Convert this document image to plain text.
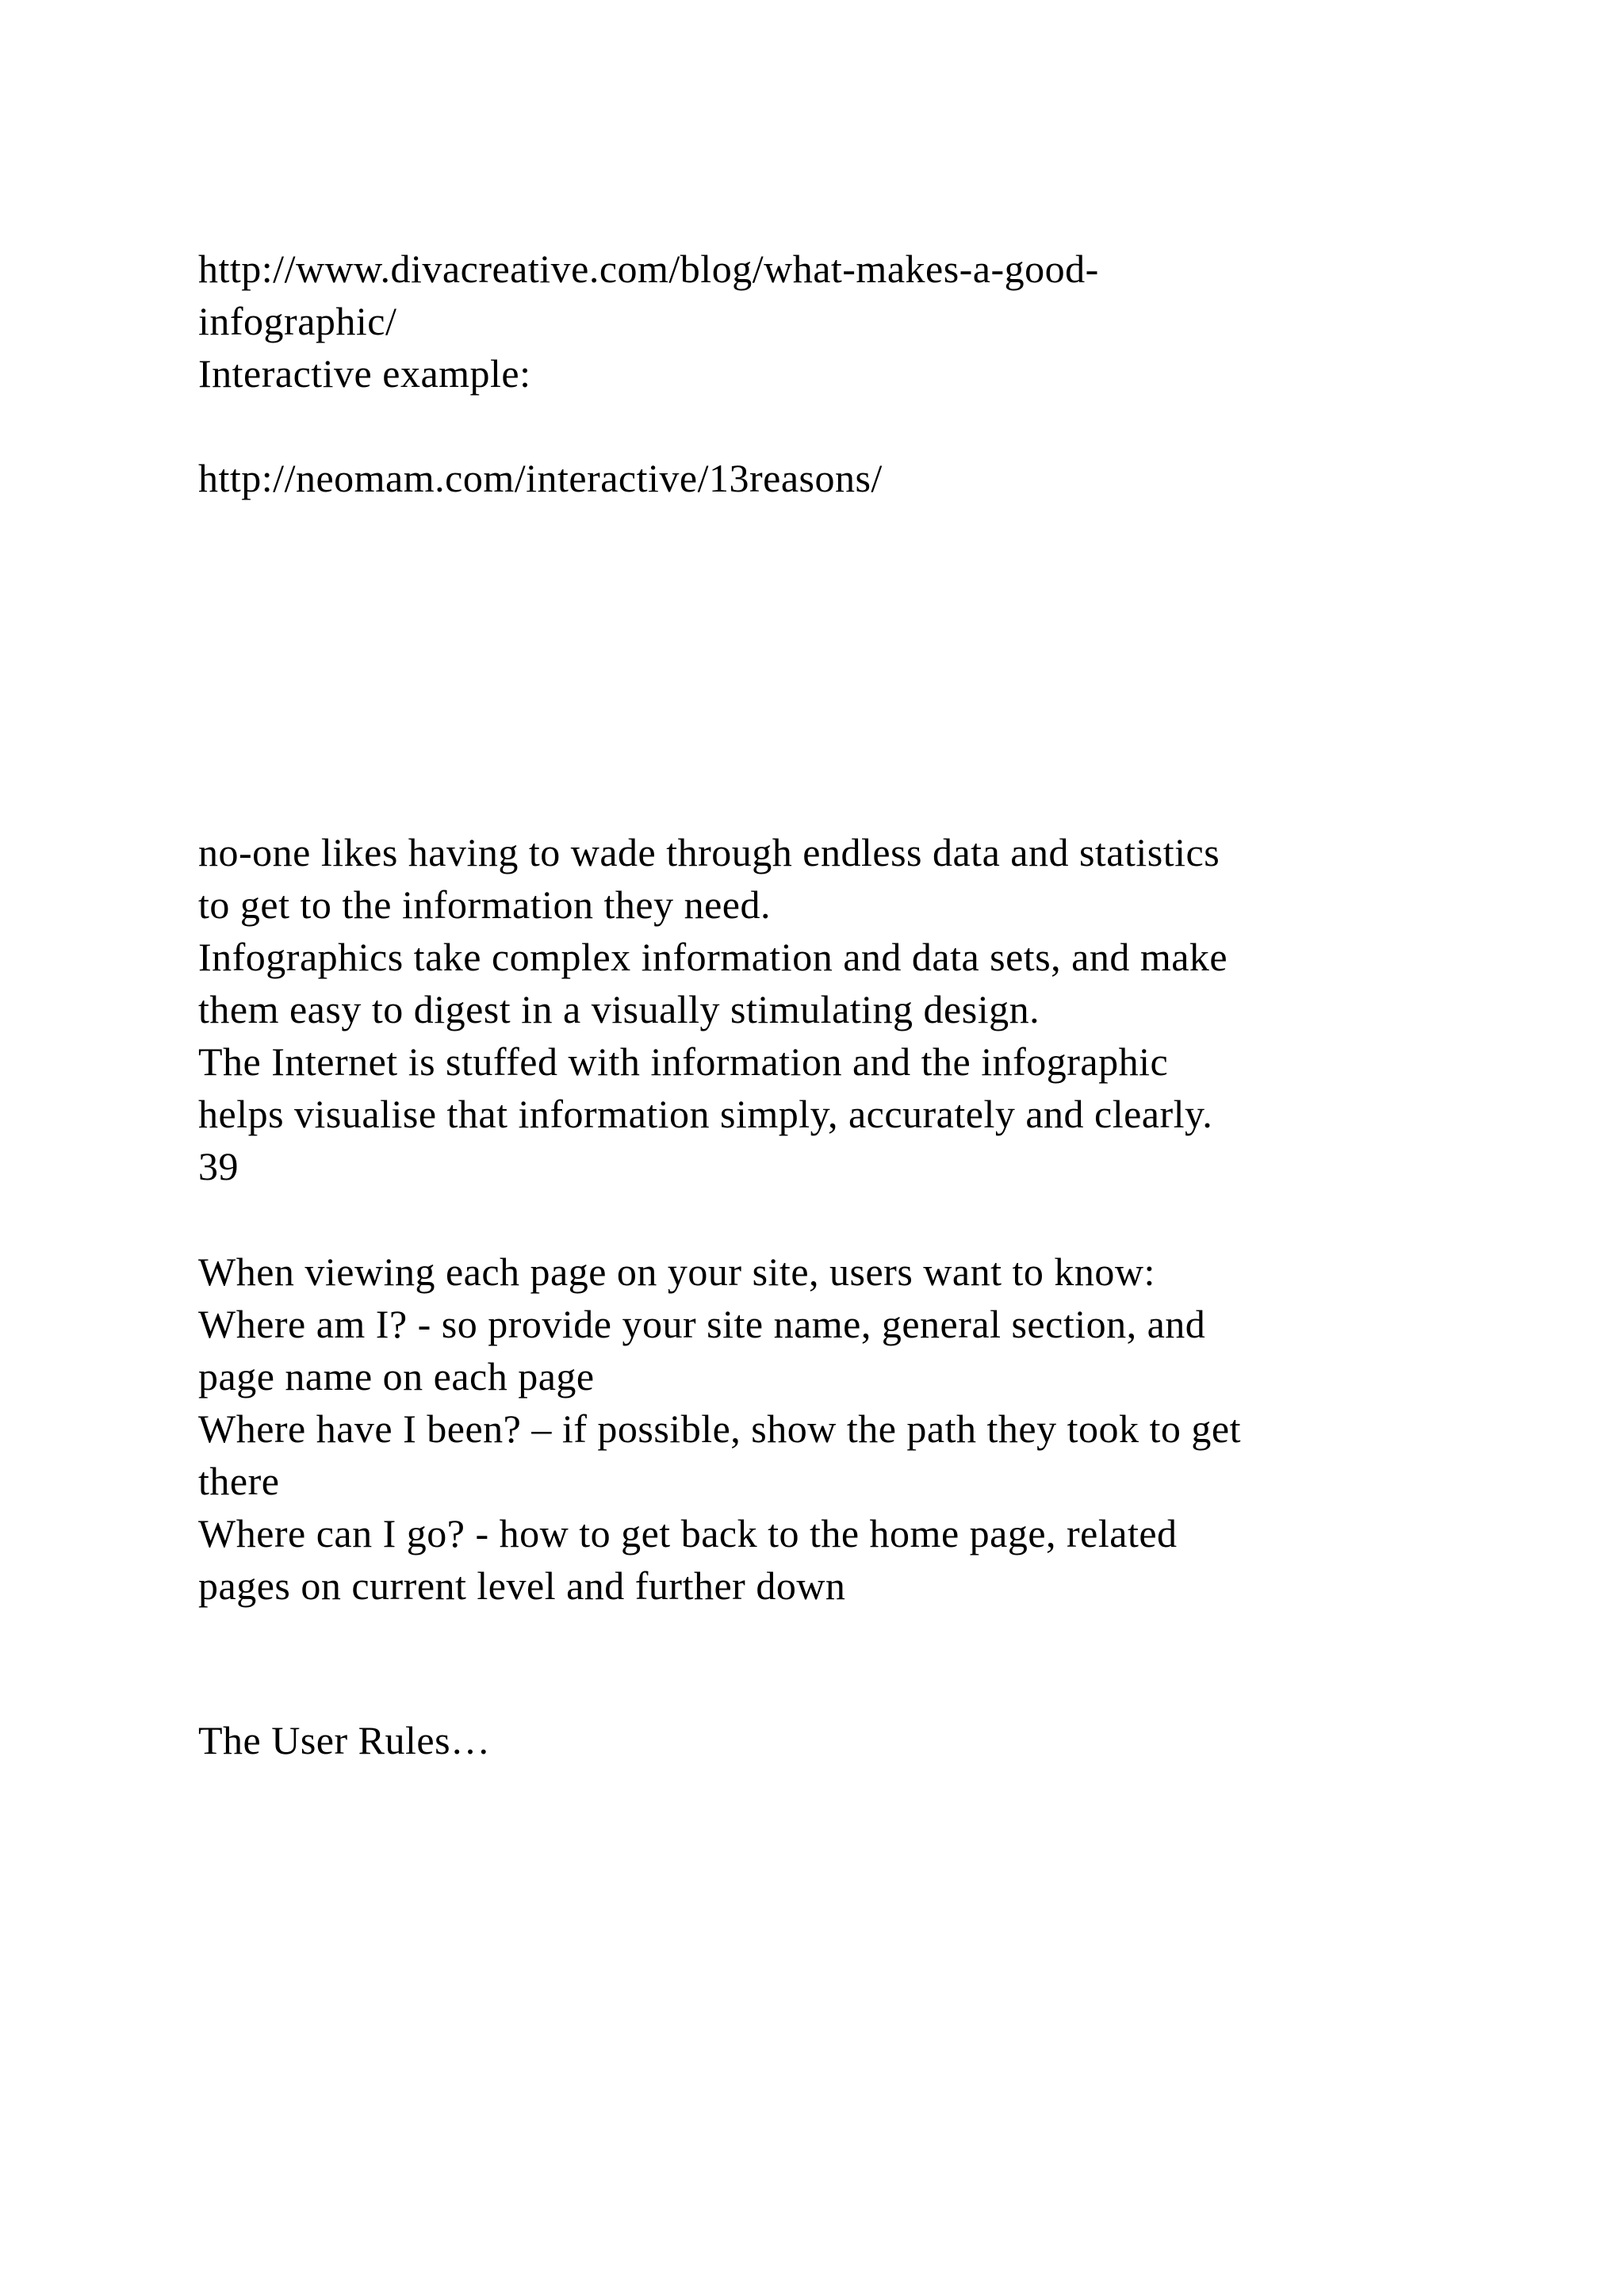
http://www.divacreative.com/blog/what-makes-a-good-
infographic/
Interactive example:
http://neomam.com/interactive/13reasons/
no-one likes having to wade through endless data and statistics
to get to the information they need.
Infographics take complex information and data sets, and make
them easy to digest in a visually stimulating design.
The Internet is stuffed with information and the infographic
helps visualise that information simply, accurately and clearly.
39
When viewing each page on your site, users want to know:
Where am I? - so provide your site name, general section, and
page name on each page
Where have I been? – if possible, show the path they took to get
there
Where can I go? - how to get back to the home page, related
pages on current level and further down
The User Rules…
